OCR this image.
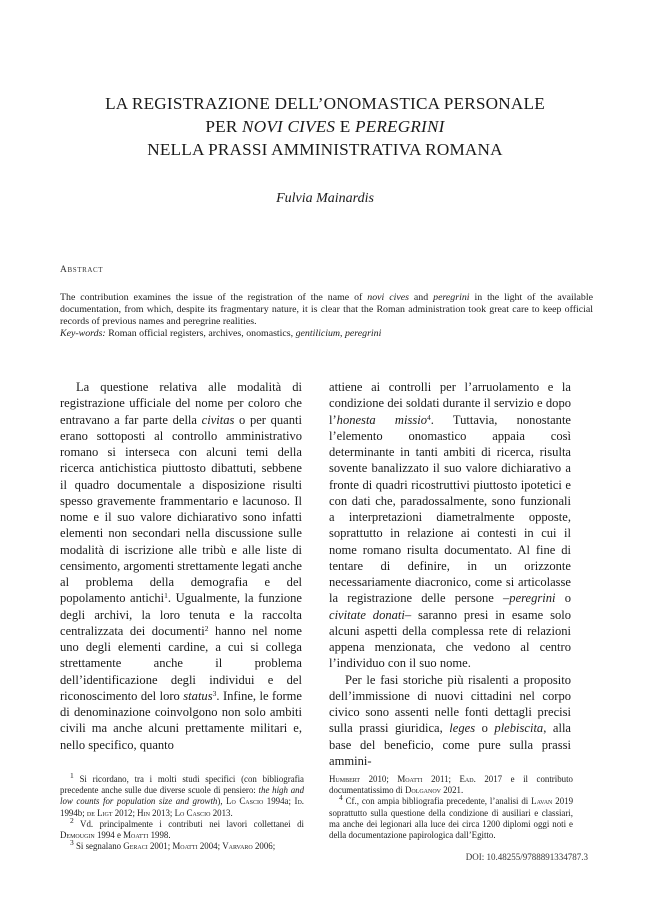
LA REGISTRAZIONE DELL’ONOMASTICA PERSONALE
PER NOVI CIVES E PEREGRINI
NELLA PRASSI AMMINISTRATIVA ROMANA
Fulvia Mainardis
Abstract
The contribution examines the issue of the registration of the name of novi cives and peregrini in the light of the available documentation, from which, despite its fragmentary nature, it is clear that the Roman administration took great care to keep official records of previous names and peregrine realities.
Key-words: Roman official registers, archives, onomastics, gentilicium, peregrini

La questione relativa alle modalità di registrazione ufficiale del nome per coloro che entravano a far parte della civitas o per quanti erano sottoposti al controllo amministrativo romano si interseca con alcuni temi della ricerca antichistica piuttosto dibattuti, sebbene il quadro documentale a disposizione risulti spesso gravemente frammentario e lacunoso. Il nome e il suo valore dichiarativo sono infatti elementi non secondari nella discussione sulle modalità di iscrizione alle tribù e alle liste di censimento, argomenti strettamente legati anche al problema della demografia e del popolamento antichi$^1$. Ugualmente, la funzione degli archivi, la loro tenuta e la raccolta centralizzata dei documenti$^2$ hanno nel nome uno degli elementi cardine, a cui si collega strettamente anche il problema dell’identificazione degli individui e del riconoscimento del loro status$^3$. Infine, le forme di denominazione coinvolgono non solo ambiti civili ma anche alcuni prettamente militari e, nello specifico, quanto

attiene ai controlli per l’arruolamento e la condizione dei soldati durante il servizio e dopo l’honesta missio$^4$. Tuttavia, nonostante l’elemento onomastico appaia così determinante in tanti ambiti di ricerca, risulta sovente banalizzato il suo valore dichiarativo a fronte di quadri ricostruttivi piuttosto ipotetici e con dati che, paradossalmente, sono funzionali a interpretazioni diametralmente opposte, soprattutto in relazione ai contesti in cui il nome romano risulta documentato. Al fine di tentare di definire, in un orizzonte necessariamente diacronico, come si articolasse la registrazione delle persone –peregrini o civitate donati– saranno presi in esame solo alcuni aspetti della complessa rete di relazioni appena menzionata, che vedono al centro l’individuo con il suo nome.

Per le fasi storiche più risalenti a proposito dell’immissione di nuovi cittadini nel corpo civico sono assenti nelle fonti dettagli precisi sulla prassi giuridica, leges o plebiscita, alla base del beneficio, come pure sulla prassi ammini-

$^1$ Si ricordano, tra i molti studi specifici (con bibliografia precedente anche sulle due diverse scuole di pensiero: the high and low counts for population size and growth), Lo Cascio 1994a; Id. 1994b; de Ligt 2012; Hin 2013; Lo Cascio 2013.

$^2$ Vd. principalmente i contributi nei lavori collettanei di Demougin 1994 e Moatti 1998.

$^3$ Si segnalano Geraci 2001; Moatti 2004; Varvaro 2006;

Humbert 2010; Moatti 2011; Ead. 2017 e il contributo documentatissimo di Dolganov 2021.

$^4$ Cf., con ampia bibliografia precedente, l’analisi di Lavan 2019 soprattutto sulla questione della condizione di ausiliari e classiari, ma anche dei legionari alla luce dei circa 1200 diplomi oggi noti e della documentazione papirologica dall’Egitto.

DOI: 10.48255/9788891334787.3
